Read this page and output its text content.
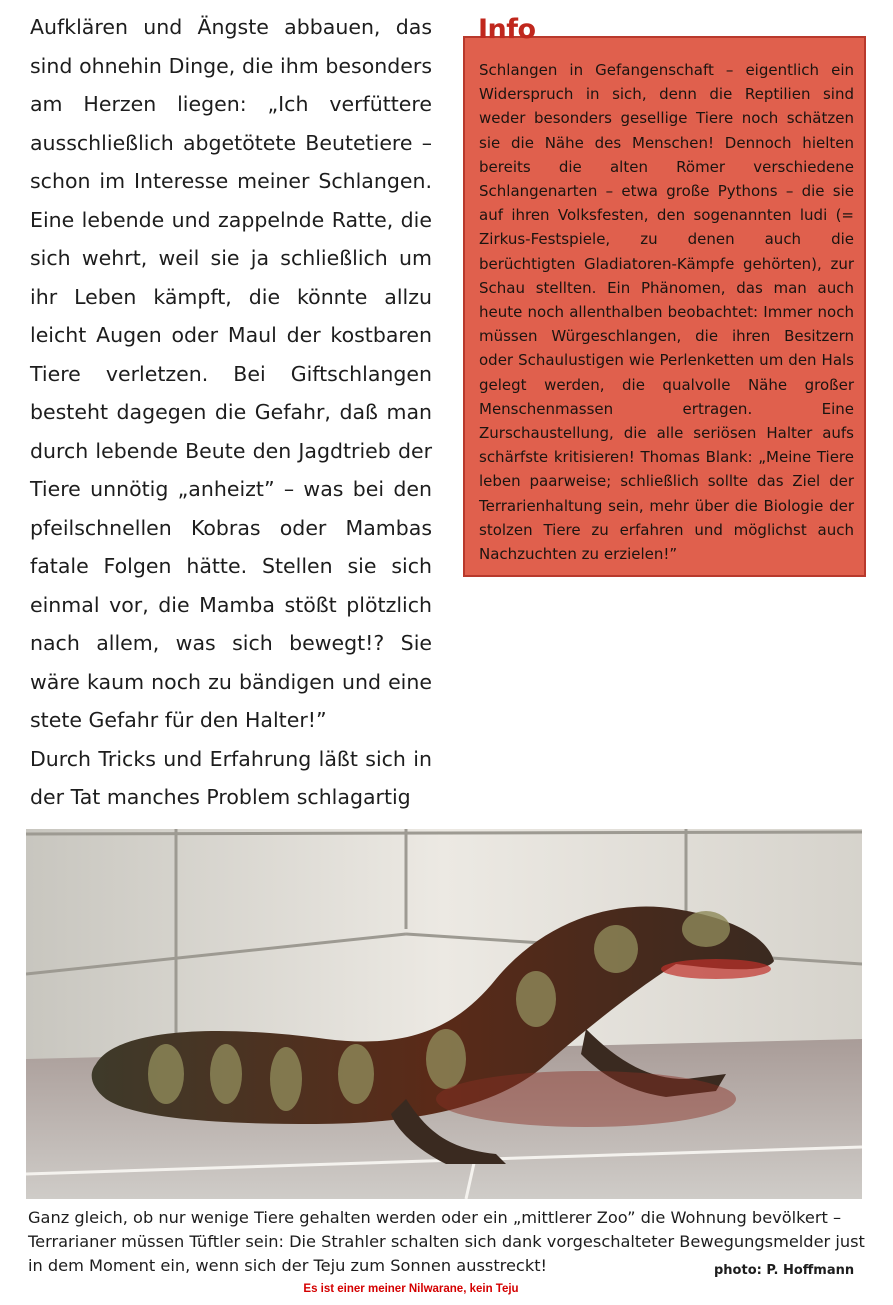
Aufklären und Ängste abbauen, das sind ohnehin Dinge, die ihm besonders am Herzen liegen: „Ich verfüttere ausschließlich abgetötete Beutetiere – schon im Interesse meiner Schlangen. Eine lebende und zappelnde Ratte, die sich wehrt, weil sie ja schließlich um ihr Leben kämpft, die könnte allzu leicht Augen oder Maul der kostbaren Tiere verletzen. Bei Giftschlangen besteht dagegen die Gefahr, daß man durch lebende Beute den Jagdtrieb der Tiere unnötig „anheizt” – was bei den pfeilschnellen Kobras oder Mambas fatale Folgen hätte. Stellen sie sich einmal vor, die Mamba stößt plötzlich nach allem, was sich bewegt!? Sie wäre kaum noch zu bändigen und eine stete Gefahr für den Halter!”

Durch Tricks und Erfahrung läßt sich in der Tat manches Problem schlagartig

Schlangen in Gefangenschaft – eigentlich ein Widerspruch in sich, denn die Reptilien sind weder besonders gesellige Tiere noch schätzen sie die Nähe des Menschen! Dennoch hielten bereits die alten Römer verschiedene Schlangenarten – etwa große Pythons – die sie auf ihren Volksfesten, den sogenannten ludi (= Zirkus-Festspiele, zu denen auch die berüchtigten Gladiatoren-Kämpfe gehörten), zur Schau stellten. Ein Phänomen, das man auch heute noch allenthalben beobachtet: Immer noch müssen Würgeschlangen, die ihren Besitzern oder Schaulustigen wie Perlenketten um den Hals gelegt werden, die qualvolle Nähe großer Menschenmassen ertragen. Eine Zurschaustellung, die alle seriösen Halter aufs schärfste kritisieren! Thomas Blank: „Meine Tiere leben paarweise; schließlich sollte das Ziel der Terrarienhaltung sein, mehr über die Biologie der stolzen Tiere zu erfahren und möglichst auch Nachzuchten zu erzielen!”

Info

Ganz gleich, ob nur wenige Tiere gehalten werden oder ein „mittlerer Zoo” die Wohnung bevölkert – Terrarianer müssen Tüftler sein: Die Strahler schalten sich dank vorgeschalteter Bewegungsmelder just in dem Moment ein, wenn sich der Teju zum Sonnen ausstreckt!	photo: P. Hoffmann

Es ist einer meiner Nilwarane, kein Teju
